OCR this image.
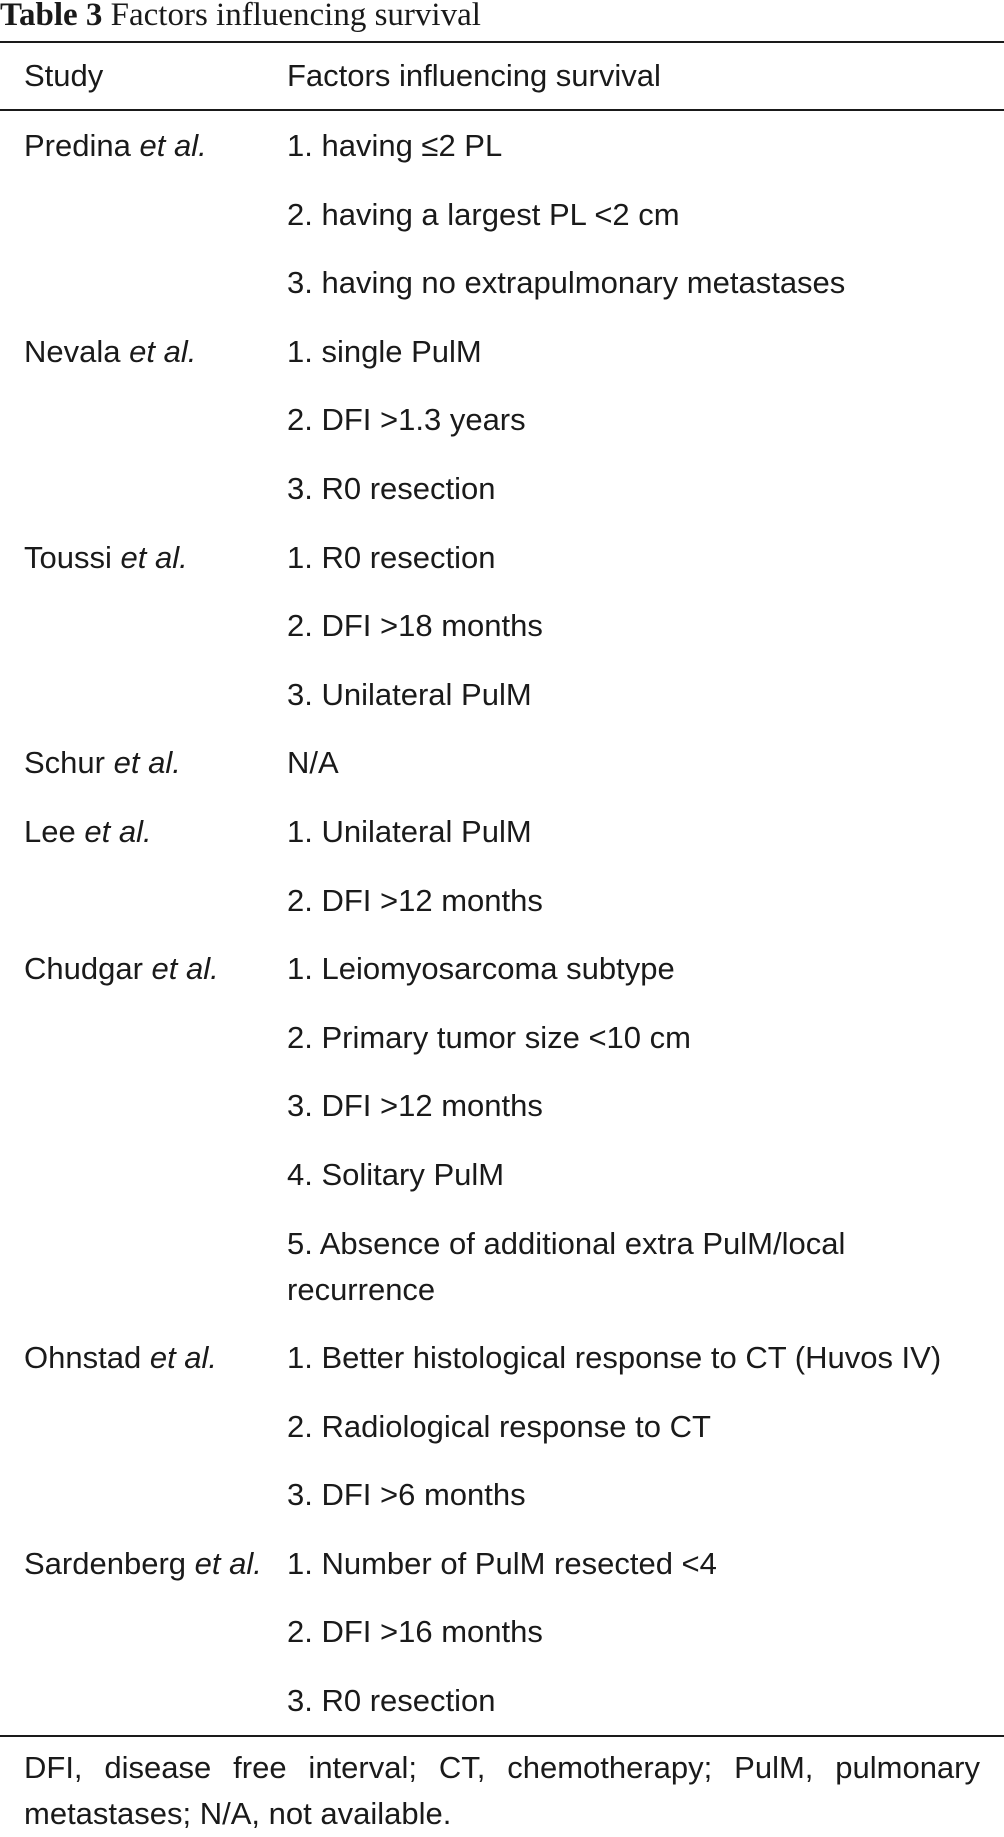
Table 3 Factors influencing survival
Study	Factors influencing survival
Predina et al.	1. having ≤2 PL
2. having a largest PL <2 cm
3. having no extrapulmonary metastases
Nevala et al.	1. single PulM
2. DFI >1.3 years
3. R0 resection
Toussi et al.	1. R0 resection
2. DFI >18 months
3. Unilateral PulM
Schur et al.	N/A
Lee et al.	1. Unilateral PulM
2. DFI >12 months
Chudgar et al. 1. Leiomyosarcoma subtype
2. Primary tumor size <10 cm
3. DFI >12 months
4. Solitary PulM
5. Absence of additional extra PulM/local recurrence
Ohnstad et al. 1. Better histological response to CT (Huvos IV)
2. Radiological response to CT
3. DFI >6 months
Sardenberg et al. 1. Number of PulM resected <4
2. DFI >16 months
3. R0 resection
DFI, disease free interval; CT, chemotherapy; PulM, pulmonary metastases; N/A, not available.
